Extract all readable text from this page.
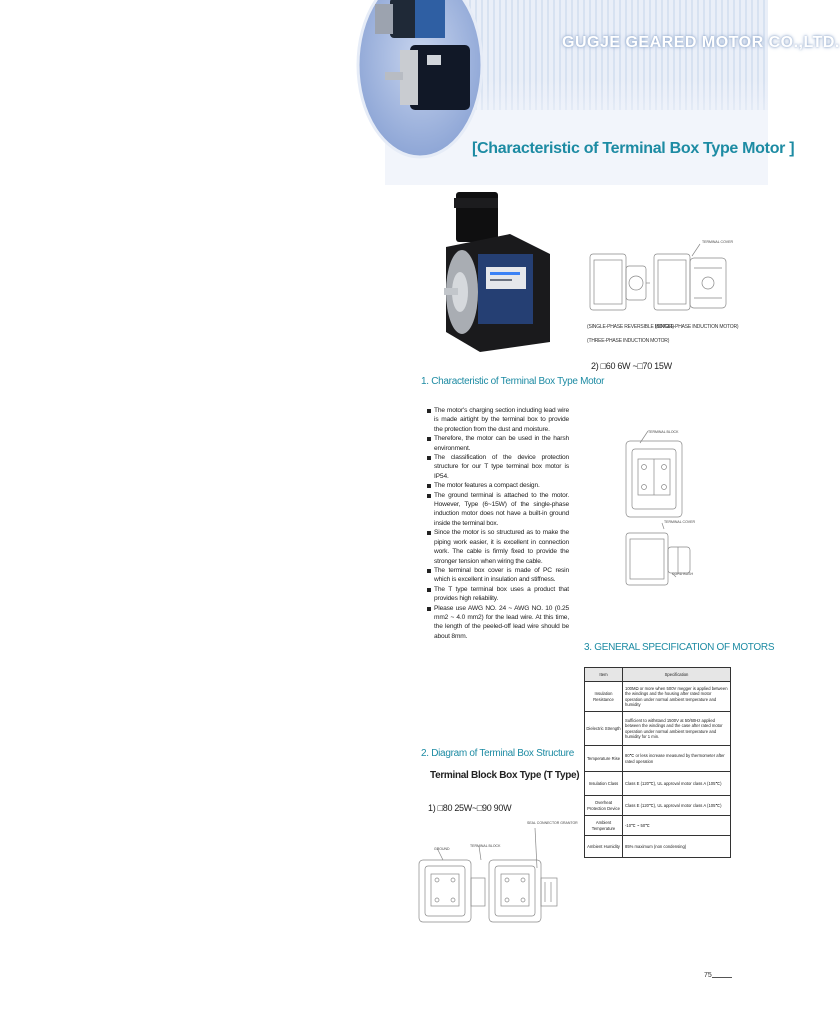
GUGJE GEARED MOTOR CO.,LTD.
[Characteristic of Terminal Box Type Motor ]
1. Characteristic of Terminal Box Type Motor
The motor's charging section including lead wire is made airtight by the terminal box to provide the protection from the dust and moisture.
Therefore, the motor can be used in the harsh environment.
The classification of the device protection structure for our T type terminal box motor is IP54.
The motor features a compact design.
The ground terminal is attached to the motor. However, Type (6~15W) of the single-phase induction motor does not have a built-in ground inside the terminal box.
Since the motor is so structured as to make the piping work easier, it is excellent in connection work. The cable is firmly fixed to provide the stronger tension when wiring the cable.
The terminal box cover is made of PC resin which is excellent in insulation and stiffness.
The T type terminal box uses a product that provides high reliability.
Please use AWG NO. 24 ~ AWG NO. 10 (0.25 mm2 ~ 4.0 mm2) for the lead wire. At this time, the length of the peeled-off lead wire should be about 8mm.
2. Diagram of Terminal Box Structure
Terminal Block Box Type (T Type)
1) □80 25W~□90 90W
GROUND
TERMINAL BLOCK
SEAL CONNECTOR GRANTOR
TERMINAL COVER
(SINGLE-PHASE REVERSIBLE MOTOR)
(SINGLE-PHASE INDUCTION MOTOR)
(THREE-PHASE INDUCTION MOTOR)
2) □60 6W ~□70 15W
TERMINAL BLOCK
TERMINAL COVER
CORD BUSH
3. GENERAL SPECIFICATION OF MOTORS
Item	Specification
Insulation Resistance	100MΩ or more when 500V megger is applied between the windings and the housing after rated motor operation under normal ambient temperature and humidity
Dielectric Strength	Sufficient to withstand 1500V at 50/60Hz applied between the windings and the case after rated motor operation under normal ambient temperature and humidity for 1 min.
Temperature Rise	80℃ or less increase measured by thermometer after rated operation
Insulation Class	Class E (120℃), UL approval motor class A (105℃)
Overheat Protection Device	Class E (120℃), UL approval motor class A (105℃)
Ambient Temperature	-10℃ ~ 50℃
Ambient Humidity	85% maximum (non condensing)
75
